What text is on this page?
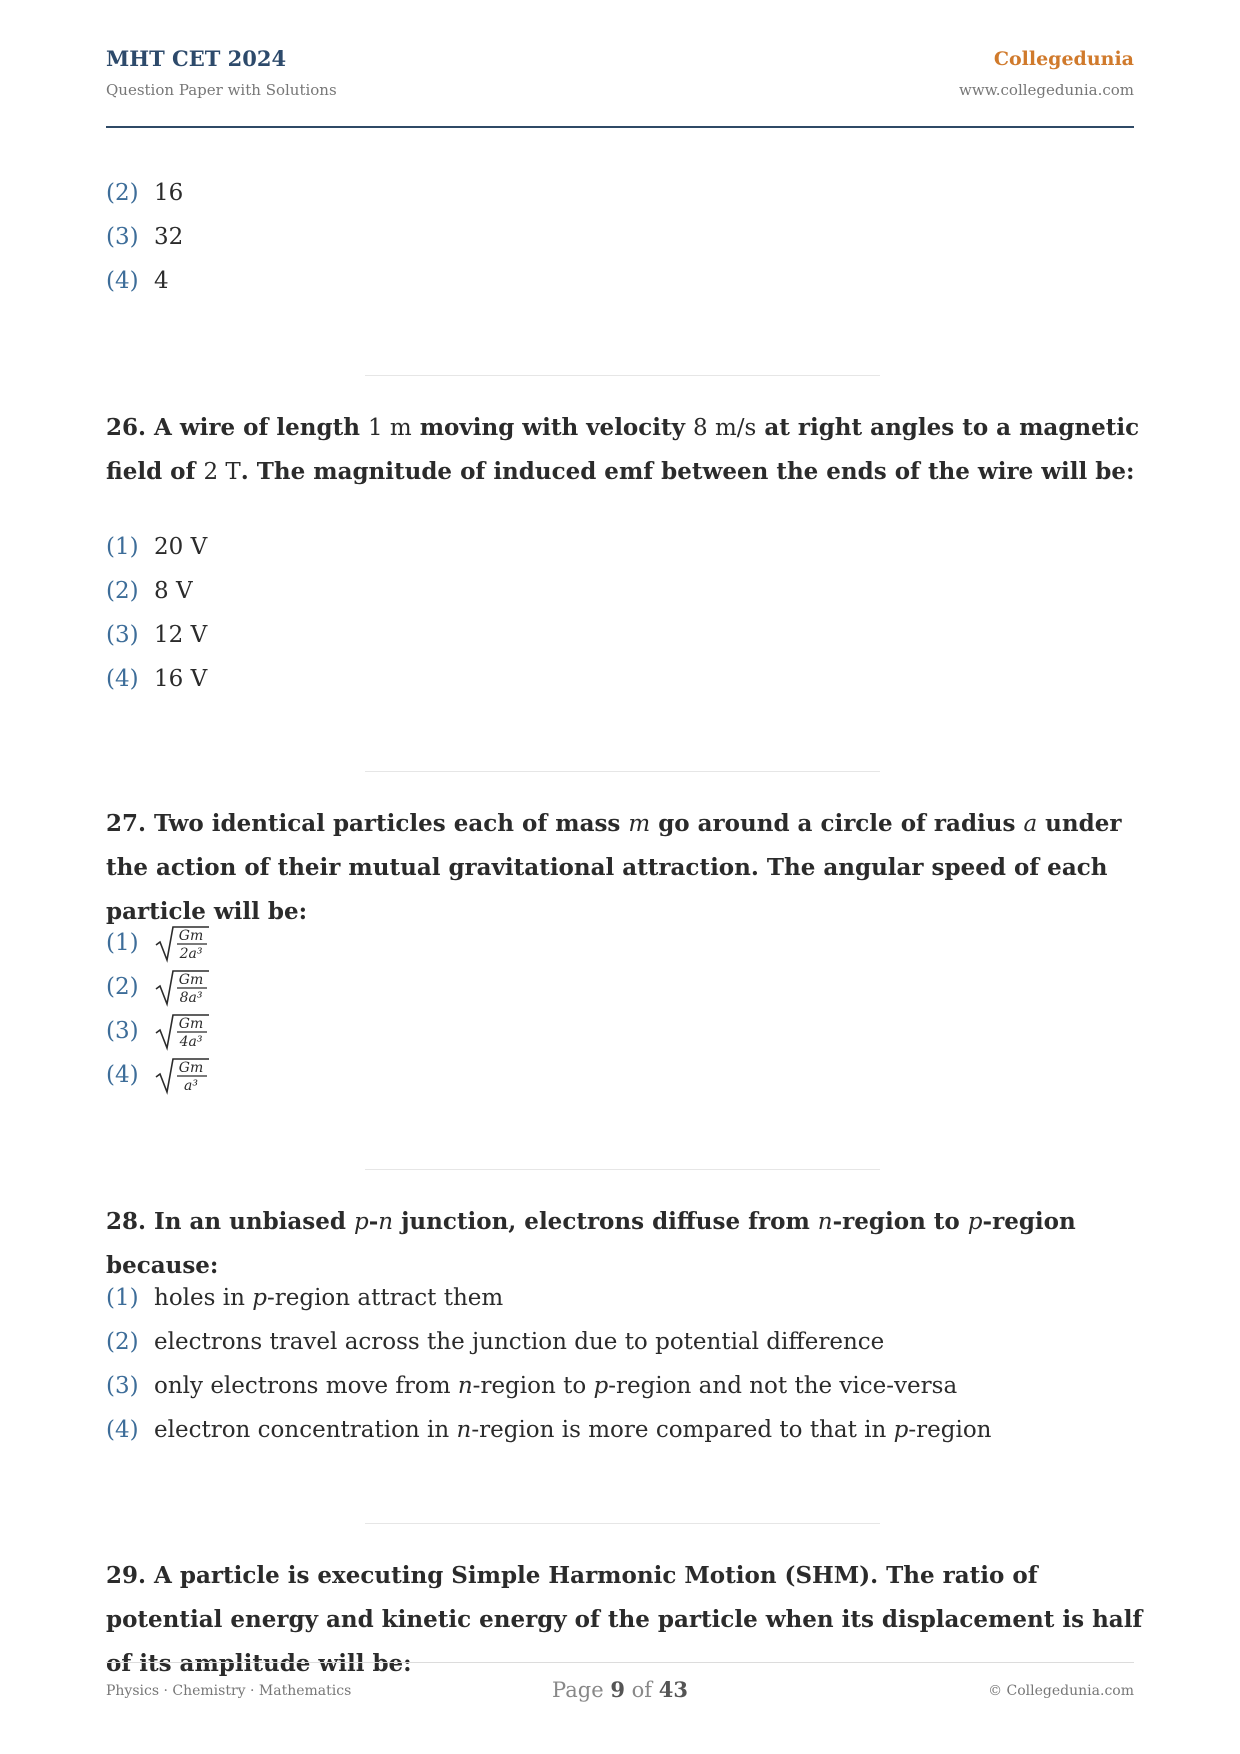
MHT CET 2024
Question Paper with Solutions
Collegedunia
www.collegedunia.com
(2) 16
(3) 32
(4) 4

26. A wire of length 1 m moving with velocity 8 m/s at right angles to a magnetic field of 2 T. The magnitude of induced emf between the ends of the wire will be:

(1) 20 V
(2) 8 V
(3) 12 V
(4) 16 V

27. Two identical particles each of mass m go around a circle of radius a under the action of their mutual gravitational attraction. The angular speed of each particle will be:

(1)	Gm
2a³
(2)	Gm
8a³
(3)	Gm
4a³
(4)	Gm
a³

28. In an unbiased p-n junction, electrons diffuse from n-region to p-region because:

(1) holes in p-region attract them
(2) electrons travel across the junction due to potential difference
(3) only electrons move from n-region to p-region and not the vice-versa
(4) electron concentration in n-region is more compared to that in p-region

29. A particle is executing Simple Harmonic Motion (SHM). The ratio of potential energy and kinetic energy of the particle when its displacement is half of its amplitude will be:

Physics · Chemistry · Mathematics	Page 9 of 43	© Collegedunia.com
